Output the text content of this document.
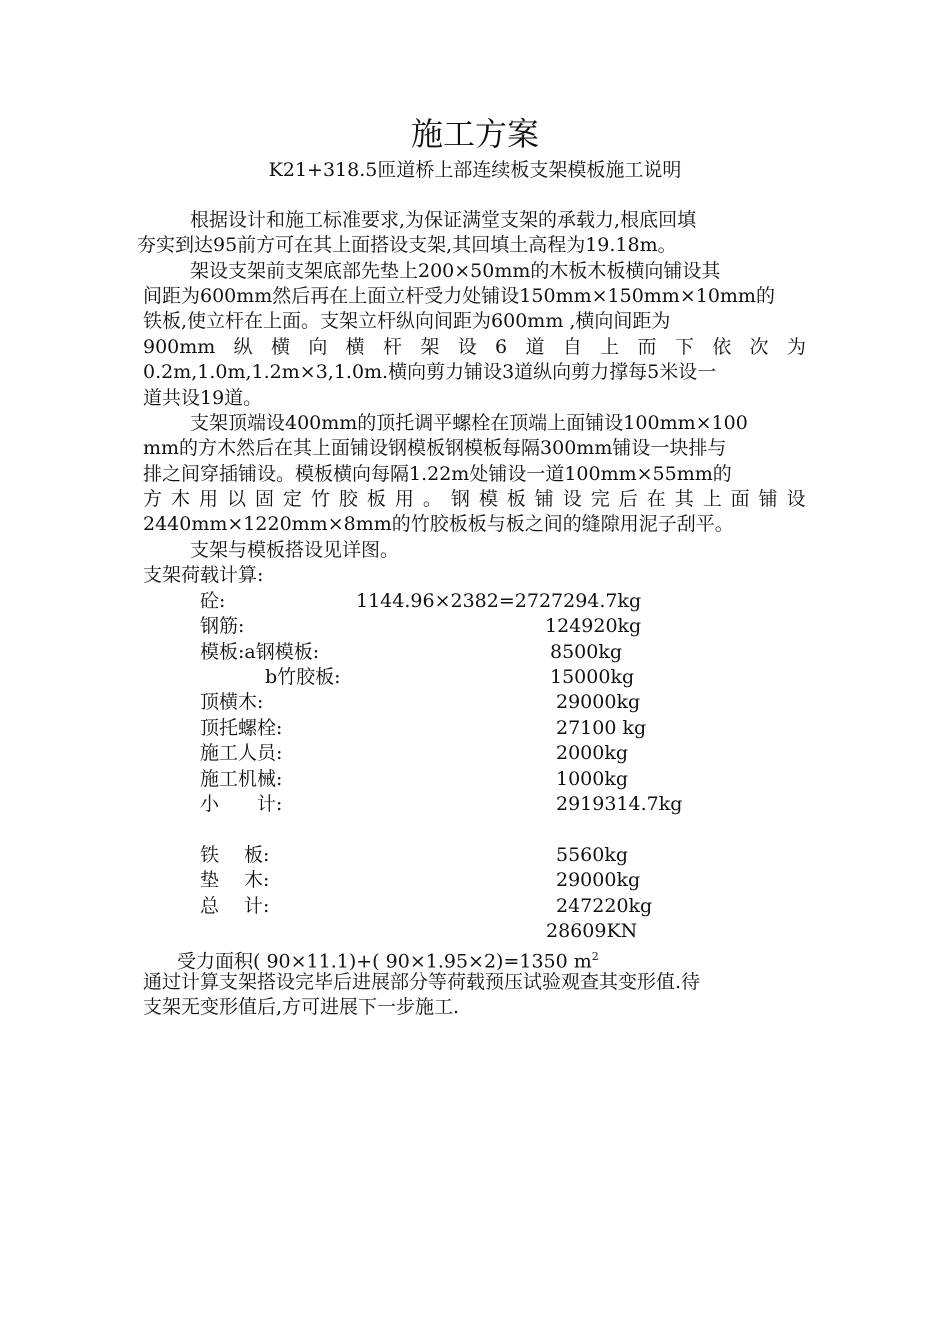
施工方案
K21+318.5匝道桥上部连续板支架模板施工说明
根据设计和施工标准要求,为保证满堂支架的承载力,根底回填
夯实到达95前方可在其上面搭设支架,其回填土高程为19.18m。
架设支架前支架底部先垫上200×50mm的木板木板横向铺设其
间距为600mm然后再在上面立杆受力处铺设150mm×150mm×10mm的
铁板,使立杆在上面。支架立杆纵向间距为600mm ,横向间距为
900mm 纵 横 向 横 杆 架 设 6 道 自 上 而 下 依 次 为
0.2m,1.0m,1.2m×3,1.0m.横向剪力铺设3道纵向剪力撑每5米设一
道共设19道。
支架顶端设400mm的顶托调平螺栓在顶端上面铺设100mm×100
mm的方木然后在其上面铺设钢模板钢模板每隔300mm铺设一块排与
排之间穿插铺设。模板横向每隔1.22m处铺设一道100mm×55mm的
方 木 用 以 固 定 竹 胶 板 用 。 钢 模 板 铺 设 完 后 在 其 上 面 铺 设
2440mm×1220mm×8mm的竹胶板板与板之间的缝隙用泥子刮平。
支架与模板搭设见详图。
支架荷载计算:
砼:	1144.96×2382=2727294.7kg
钢筋:	124920kg
模板:a钢模板:	8500kg
b竹胶板:	15000kg
顶横木:	29000kg
顶托螺栓:	27100 kg
施工人员:	2000kg
施工机械:	1000kg
小　　计:	2919314.7kg
铁　 板:	5560kg
垫　 木:	29000kg
总　 计:	247220kg
28609KN
受力面积( 90×11.1)+( 90×1.95×2)=1350 $m^2$
通过计算支架搭设完毕后进展部分等荷载预压试验观查其变形值.待
支架无变形值后,方可进展下一步施工.
